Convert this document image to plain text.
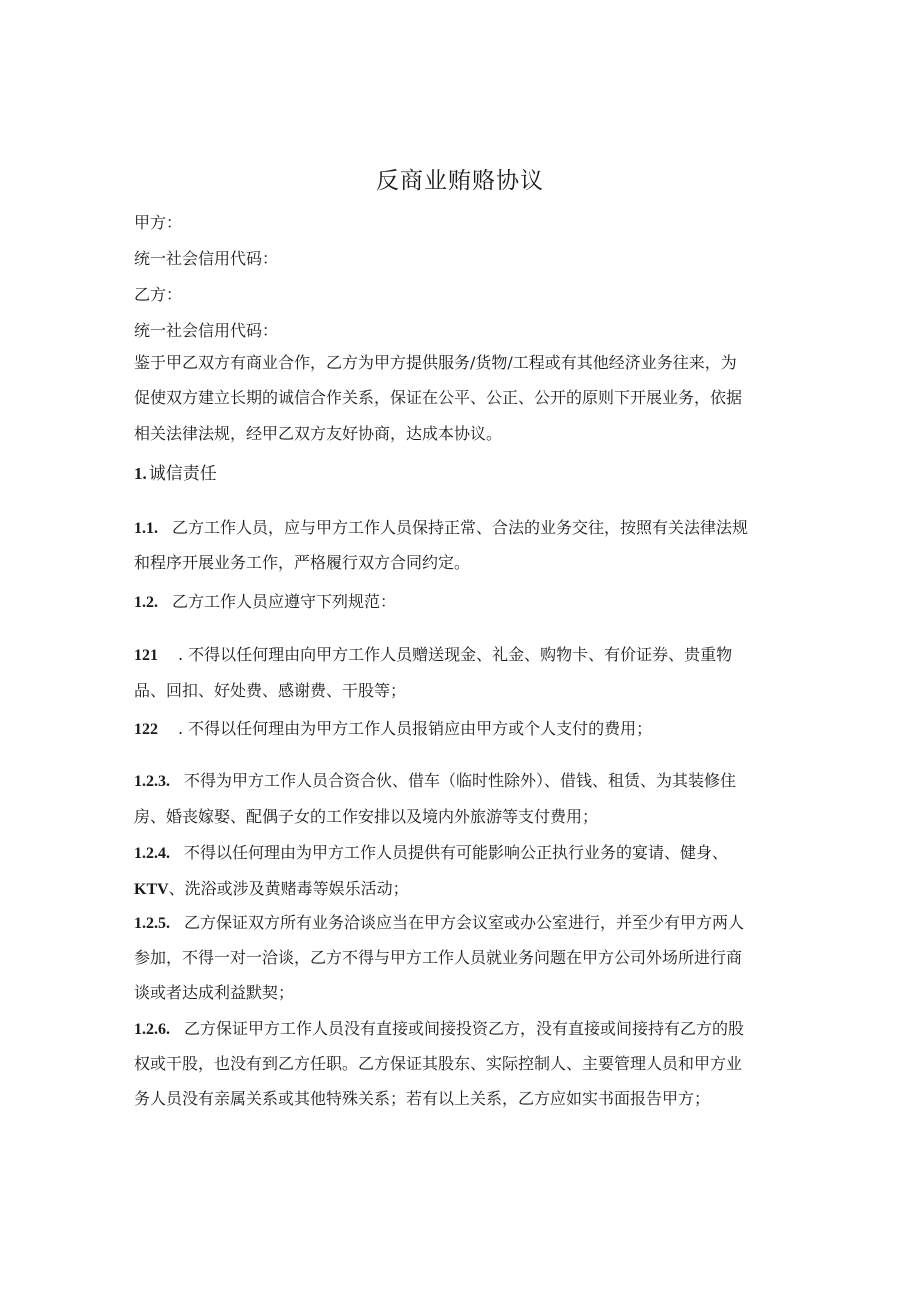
反商业贿赂协议
甲方：
统一社会信用代码：
乙方：
统一社会信用代码：
鉴于甲乙双方有商业合作，乙方为甲方提供服务/货物/工程或有其他经济业务往来，为
促使双方建立长期的诚信合作关系，保证在公平、公正、公开的原则下开展业务，依据
相关法律法规，经甲乙双方友好协商，达成本协议。
1. 诚信责任
1.1. 乙方工作人员，应与甲方工作人员保持正常、合法的业务交往，按照有关法律法规
和程序开展业务工作，严格履行双方合同约定。
1.2. 乙方工作人员应遵守下列规范：
121 . 不得以任何理由向甲方工作人员赠送现金、礼金、购物卡、有价证券、贵重物
品、回扣、好处费、感谢费、干股等；
122 . 不得以任何理由为甲方工作人员报销应由甲方或个人支付的费用；
1.2.3. 不得为甲方工作人员合资合伙、借车（临时性除外）、借钱、租赁、为其装修住
房、婚丧嫁娶、配偶子女的工作安排以及境内外旅游等支付费用；
1.2.4. 不得以任何理由为甲方工作人员提供有可能影响公正执行业务的宴请、健身、
KTV、洗浴或涉及黄赌毒等娱乐活动；
1.2.5. 乙方保证双方所有业务洽谈应当在甲方会议室或办公室进行，并至少有甲方两人
参加，不得一对一洽谈，乙方不得与甲方工作人员就业务问题在甲方公司外场所进行商
谈或者达成利益默契；
1.2.6. 乙方保证甲方工作人员没有直接或间接投资乙方，没有直接或间接持有乙方的股
权或干股，也没有到乙方任职。乙方保证其股东、实际控制人、主要管理人员和甲方业
务人员没有亲属关系或其他特殊关系；若有以上关系，乙方应如实书面报告甲方；
